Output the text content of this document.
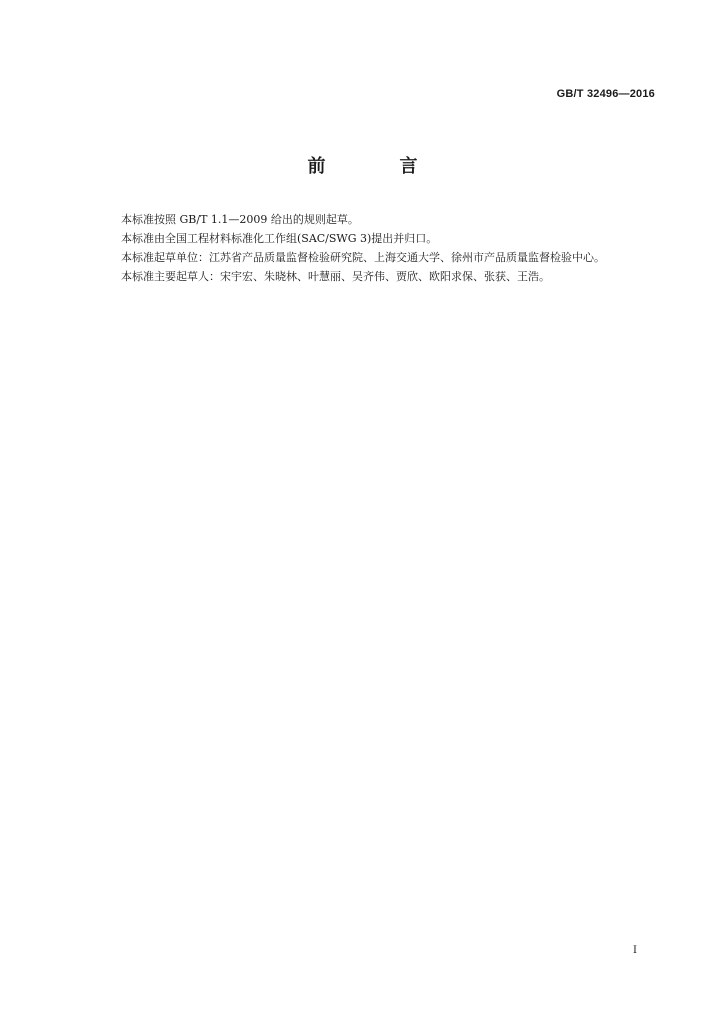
GB/T 32496—2016
前　言
本标准按照 GB/T 1.1—2009 给出的规则起草。
本标准由全国工程材料标准化工作组(SAC/SWG 3)提出并归口。
本标准起草单位：江苏省产品质量监督检验研究院、上海交通大学、徐州市产品质量监督检验中心。
本标准主要起草人：宋宇宏、朱晓林、叶慧丽、吴齐伟、贾欣、欧阳求保、张获、王浩。
I
